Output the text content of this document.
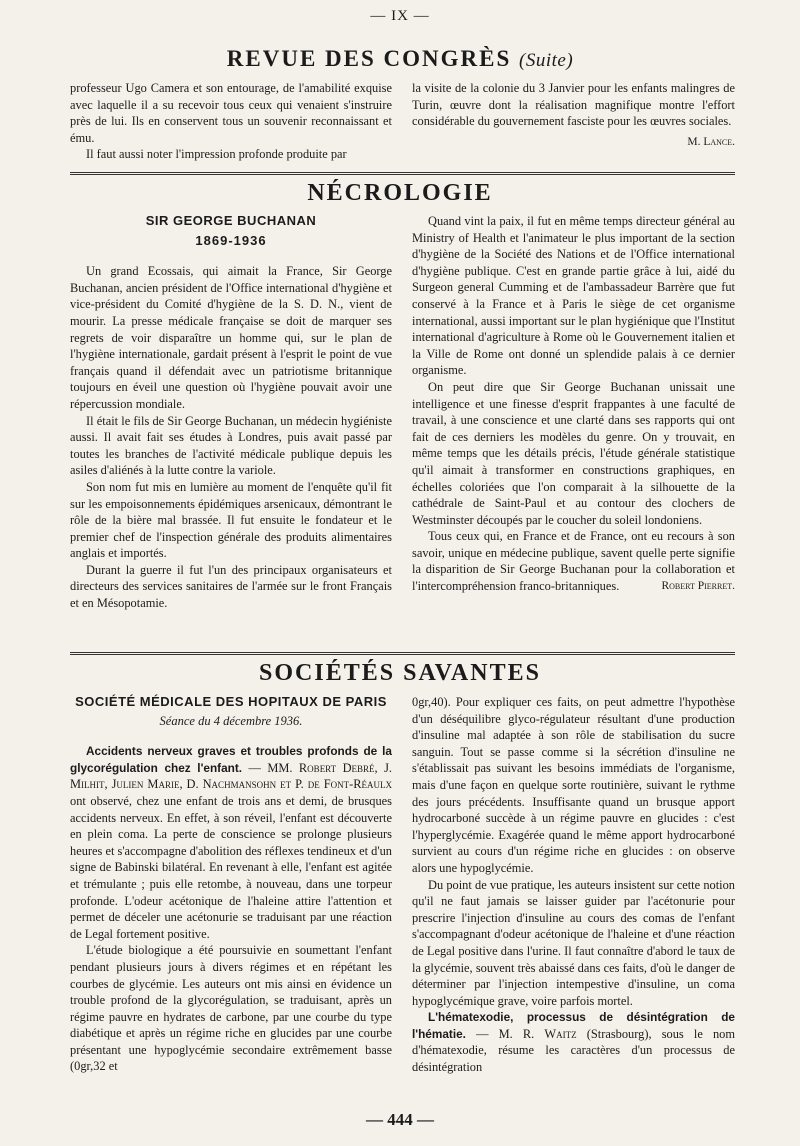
— IX —
REVUE DES CONGRÈS (Suite)

professeur Ugo Camera et son entourage, de l'amabilité exquise avec laquelle il a su recevoir tous ceux qui venaient s'instruire près de lui. Ils en conservent tous un souvenir reconnaissant et ému.

Il faut aussi noter l'impression profonde produite par

la visite de la colonie du 3 Janvier pour les enfants malingres de Turin, œuvre dont la réalisation magnifique montre l'effort considérable du gouvernement fasciste pour les œuvres sociales.

M. Lance.
NÉCROLOGIE
SIR GEORGE BUCHANAN
1869-1936

Un grand Ecossais, qui aimait la France, Sir George Buchanan, ancien président de l'Office international d'hygiène et vice-président du Comité d'hygiène de la S. D. N., vient de mourir. La presse médicale française se doit de marquer ses regrets de voir disparaître un homme qui, sur le plan de l'hygiène internationale, gardait présent à l'esprit le point de vue français quand il défendait avec un patriotisme britannique toujours en éveil une question où l'hygiène pouvait avoir une répercussion mondiale.

Il était le fils de Sir George Buchanan, un médecin hygiéniste aussi. Il avait fait ses études à Londres, puis avait passé par toutes les branches de l'activité médicale publique depuis les asiles d'aliénés à la lutte contre la variole.

Son nom fut mis en lumière au moment de l'enquête qu'il fit sur les empoisonnements épidémiques arsenicaux, démontrant le rôle de la bière mal brassée. Il fut ensuite le fondateur et le premier chef de l'inspection générale des produits alimentaires anglais et importés.

Durant la guerre il fut l'un des principaux organisateurs et directeurs des services sanitaires de l'armée sur le front Français et en Mésopotamie.

Quand vint la paix, il fut en même temps directeur général au Ministry of Health et l'animateur le plus important de la section d'hygiène de la Société des Nations et de l'Office international d'hygiène publique. C'est en grande partie grâce à lui, aidé du Surgeon general Cumming et de l'ambassadeur Barrère que fut conservé à la France et à Paris le siège de cet organisme international, aussi important sur le plan hygiénique que l'Institut international d'agriculture à Rome où le Gouvernement italien et la Ville de Rome ont donné un splendide palais à ce dernier organisme.

On peut dire que Sir George Buchanan unissait une intelligence et une finesse d'esprit frappantes à une faculté de travail, à une conscience et une clarté dans ses rapports qui ont fait de ces derniers les modèles du genre. On y trouvait, en même temps que les détails précis, l'étude générale statistique qu'il aimait à transformer en constructions graphiques, en échelles coloriées que l'on comparait à la silhouette de la cathédrale de Saint-Paul et au contour des clochers de Westminster découpés par le coucher du soleil londoniens.

Tous ceux qui, en France et de France, ont eu recours à son savoir, unique en médecine publique, savent quelle perte signifie la disparition de Sir George Buchanan pour la collaboration et l'intercompréhension franco-britanniques.	Robert Pierret.

SOCIÉTÉS SAVANTES
SOCIÉTÉ MÉDICALE DES HOPITAUX DE PARIS
Séance du 4 décembre 1936.

Accidents nerveux graves et troubles profonds de la glycorégulation chez l'enfant. — MM. Robert Debré, J. Milhit, Julien Marie, D. Nachmansohn et P. de Font-Réaulx ont observé, chez une enfant de trois ans et demi, de brusques accidents nerveux. En effet, à son réveil, l'enfant est découverte en plein coma. La perte de conscience se prolonge plusieurs heures et s'accompagne d'abolition des réflexes tendineux et d'un signe de Babinski bilatéral. En revenant à elle, l'enfant est agitée et trémulante ; puis elle retombe, à nouveau, dans une torpeur profonde. L'odeur acétonique de l'haleine attire l'attention et permet de déceler une acétonurie se traduisant par une réaction de Legal fortement positive.

L'étude biologique a été poursuivie en soumettant l'enfant pendant plusieurs jours à divers régimes et en répétant les courbes de glycémie. Les auteurs ont mis ainsi en évidence un trouble profond de la glycorégulation, se traduisant, après un régime pauvre en hydrates de carbone, par une courbe du type diabétique et après un régime riche en glucides par une courbe présentant une hypoglycémie secondaire extrêmement basse (0gr,32 et

0gr,40). Pour expliquer ces faits, on peut admettre l'hypothèse d'un déséquilibre glyco-régulateur résultant d'une production d'insuline mal adaptée à son rôle de stabilisation du sucre sanguin. Tout se passe comme si la sécrétion d'insuline ne s'établissait pas suivant les besoins immédiats de l'organisme, mais d'une façon en quelque sorte routinière, suivant le rythme des jours précédents. Insuffisante quand un brusque apport hydrocarboné succède à un régime pauvre en glucides : c'est l'hyperglycémie. Exagérée quand le même apport hydrocarboné survient au cours d'un régime riche en glucides : on observe alors une hypoglycémie.

Du point de vue pratique, les auteurs insistent sur cette notion qu'il ne faut jamais se laisser guider par l'acétonurie pour prescrire l'injection d'insuline au cours des comas de l'enfant s'accompagnant d'odeur acétonique de l'haleine et d'une réaction de Legal positive dans l'urine. Il faut connaître d'abord le taux de la glycémie, souvent très abaissé dans ces faits, d'où le danger de déterminer par l'injection intempestive d'insuline, un coma hypoglycémique grave, voire parfois mortel.

L'hématexodie, processus de désintégration de l'hématie. — M. R. Waitz (Strasbourg), sous le nom d'hématexodie, résume les caractères d'un processus de désintégration

— 444 —
